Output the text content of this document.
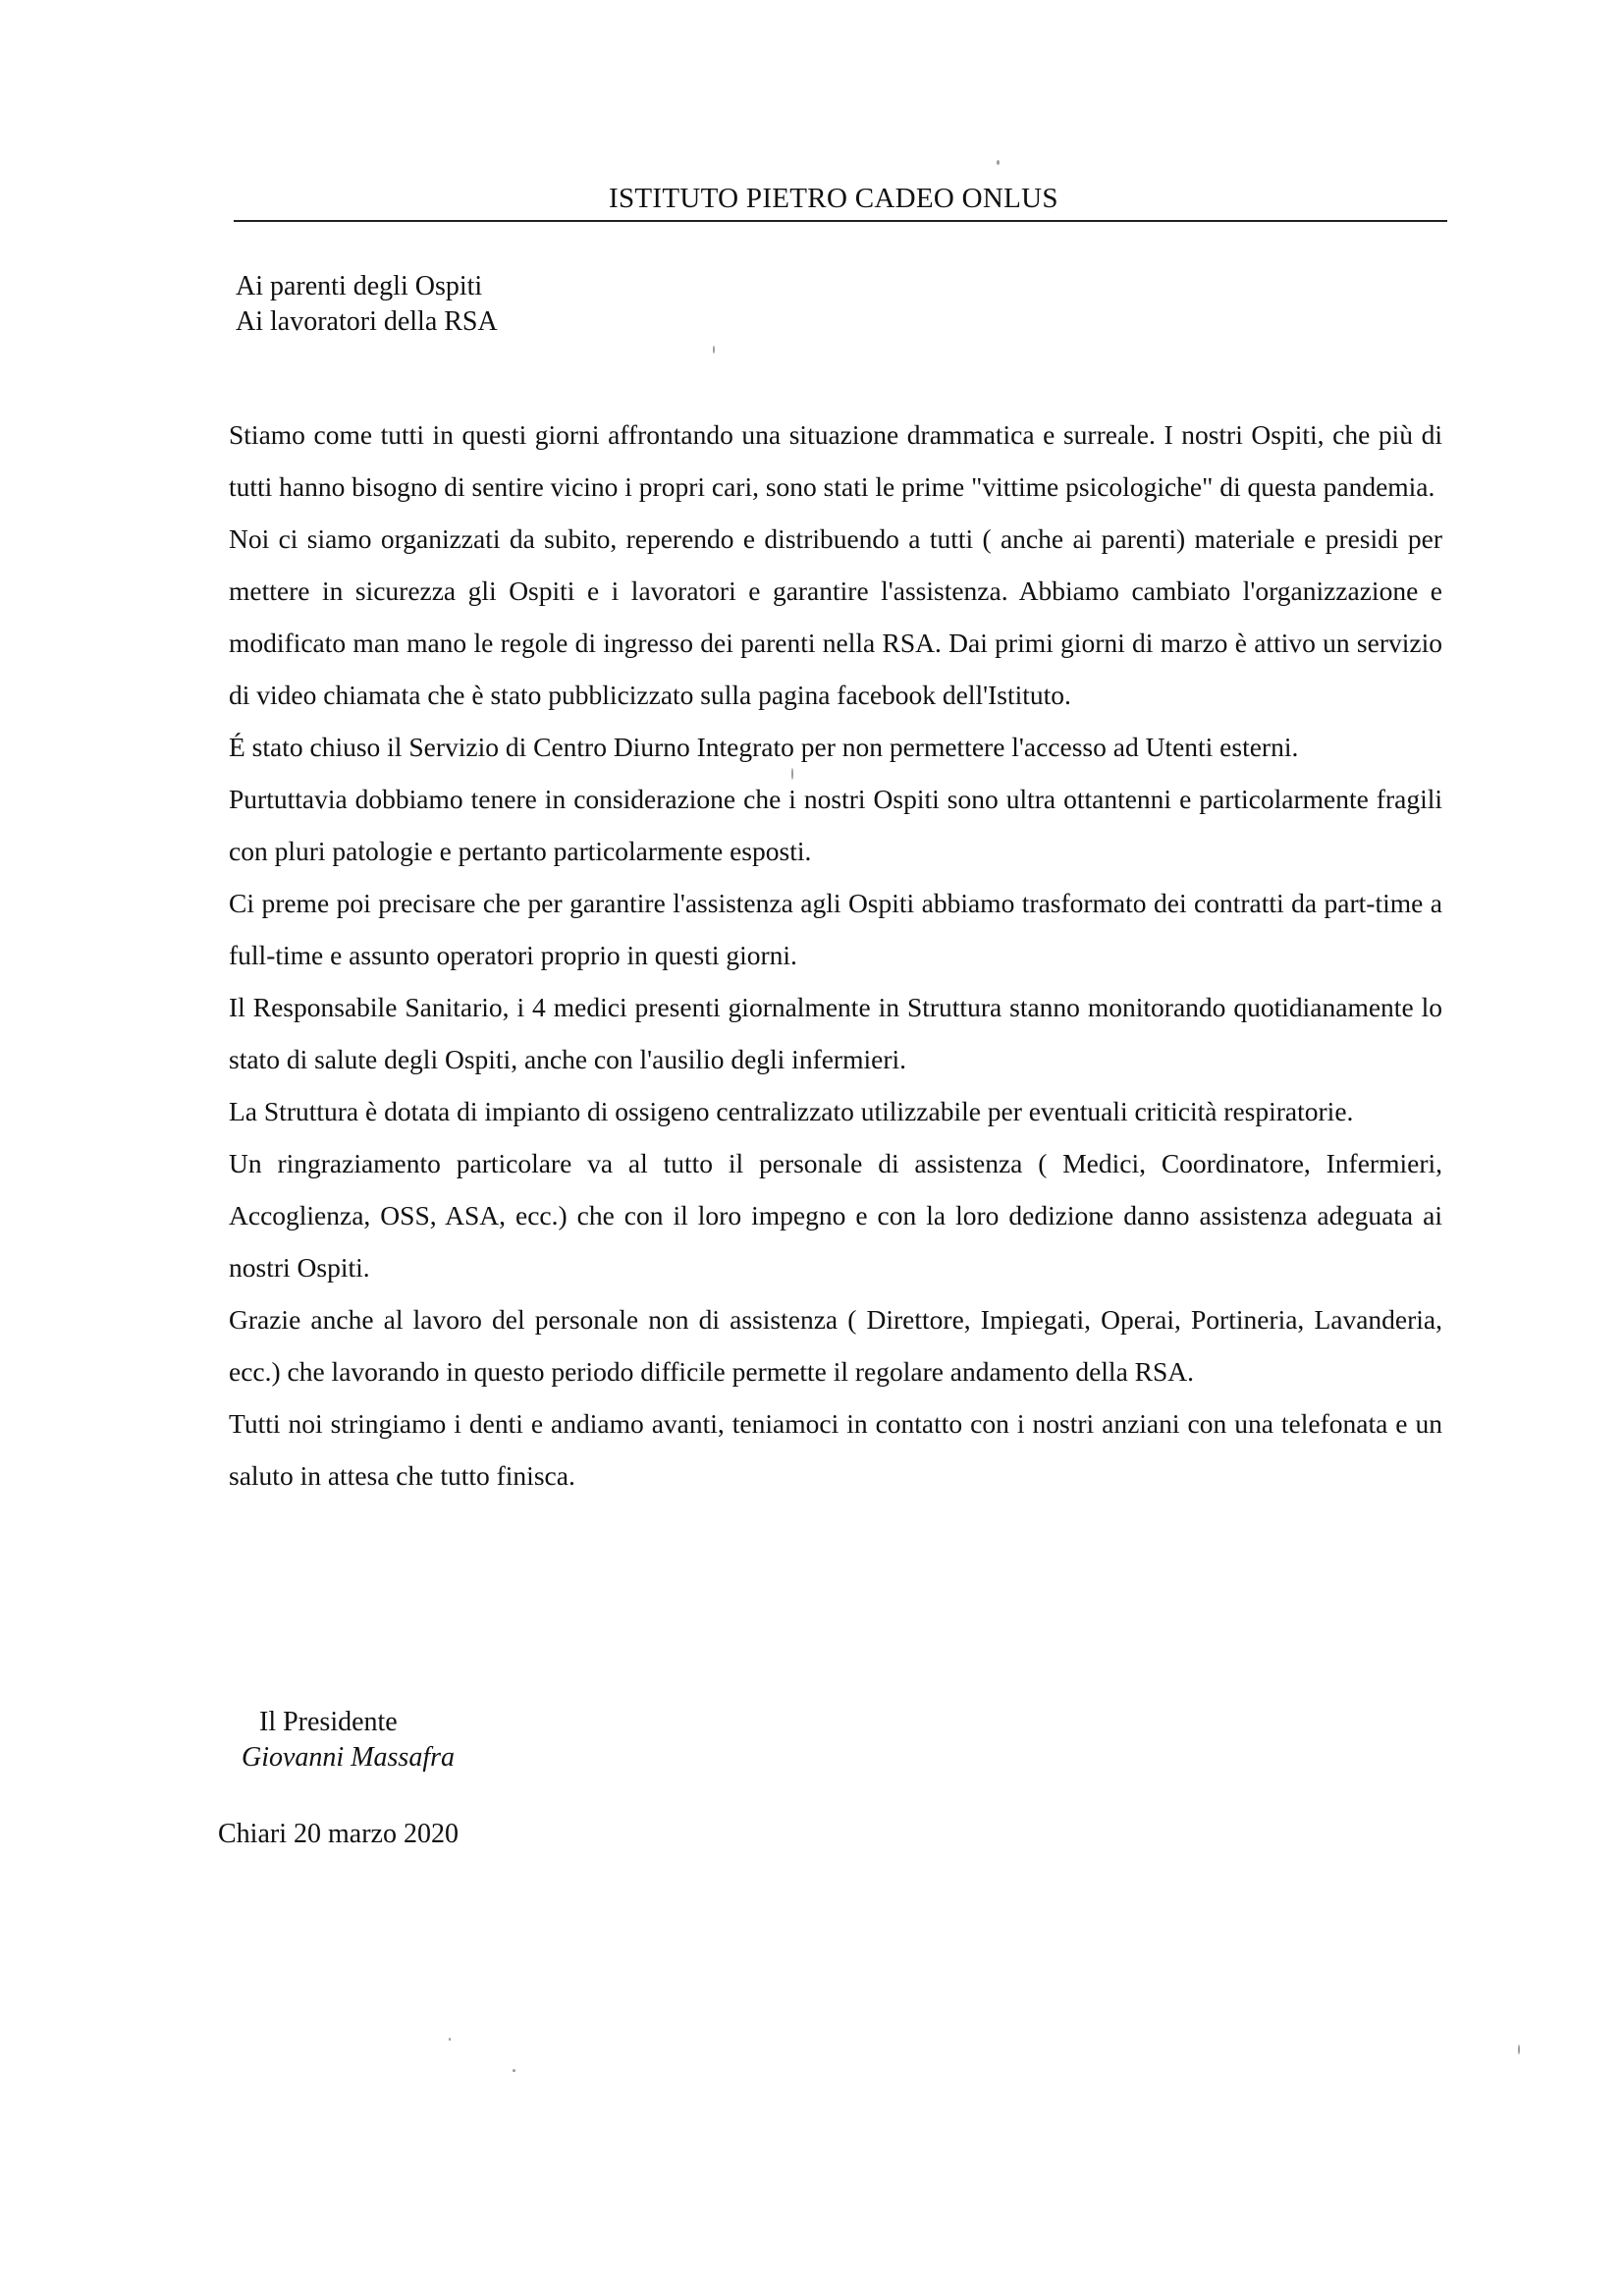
ISTITUTO PIETRO CADEO ONLUS
Ai parenti degli Ospiti
Ai lavoratori della RSA

Stiamo come tutti in questi giorni affrontando una situazione drammatica e surreale. I nostri Ospiti, che più di tutti hanno bisogno di sentire vicino i propri cari, sono stati le prime "vittime psicologiche" di questa pandemia.

Noi ci siamo organizzati da subito, reperendo e distribuendo a tutti ( anche ai parenti) materiale e presidi per mettere in sicurezza gli Ospiti e i lavoratori e garantire l'assistenza. Abbiamo cambiato l'organizzazione e modificato man mano le regole di ingresso dei parenti nella RSA. Dai primi giorni di marzo è attivo un servizio di video chiamata che è stato pubblicizzato sulla pagina facebook dell'Istituto.

É stato chiuso il Servizio di Centro Diurno Integrato per non permettere l'accesso ad Utenti esterni.

Purtuttavia dobbiamo tenere in considerazione che i nostri Ospiti sono ultra ottantenni e particolarmente fragili con pluri patologie e pertanto particolarmente esposti.

Ci preme poi precisare che per garantire l'assistenza agli Ospiti abbiamo trasformato dei contratti da part-time a full-time e assunto operatori proprio in questi giorni.

Il Responsabile Sanitario, i 4 medici presenti giornalmente in Struttura stanno monitorando quotidianamente lo stato di salute degli Ospiti, anche con l'ausilio degli infermieri.

La Struttura è dotata di impianto di ossigeno centralizzato utilizzabile per eventuali criticità respiratorie.

Un ringraziamento particolare va al tutto il personale di assistenza ( Medici, Coordinatore, Infermieri, Accoglienza, OSS, ASA, ecc.) che con il loro impegno e con la loro dedizione danno assistenza adeguata ai nostri Ospiti.

Grazie anche al lavoro del personale non di assistenza ( Direttore, Impiegati, Operai, Portineria, Lavanderia, ecc.) che lavorando in questo periodo difficile permette il regolare andamento della RSA.

Tutti noi stringiamo i denti e andiamo avanti, teniamoci in contatto con i nostri anziani con una telefonata e un saluto in attesa che tutto finisca.

Il Presidente
Giovanni Massafra
Chiari 20 marzo 2020
